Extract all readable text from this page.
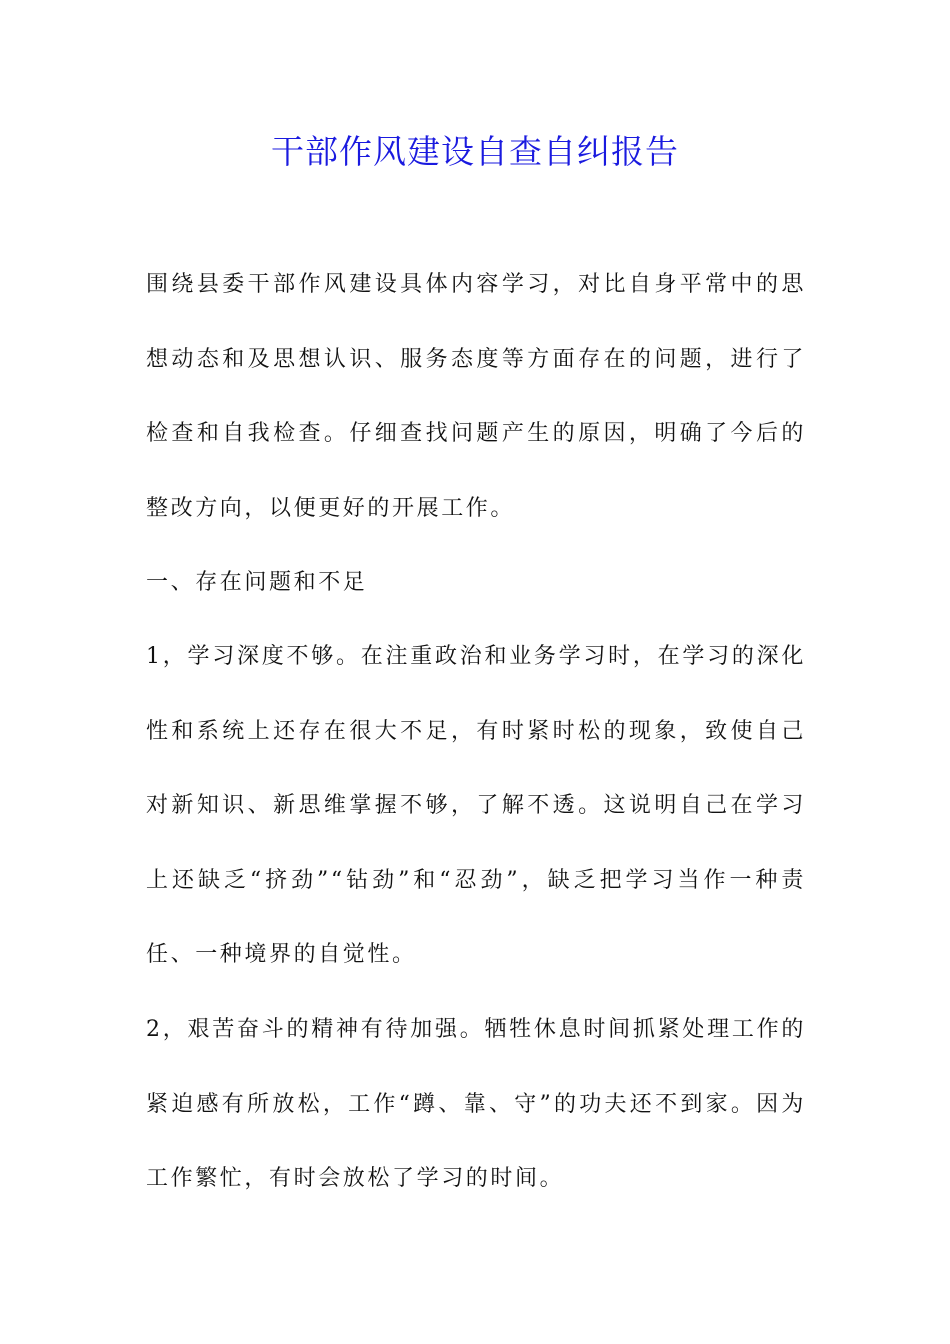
干部作风建设自查自纠报告

围绕县委干部作风建设具体内容学习，对比自身平常中的思想动态和及思想认识、服务态度等方面存在的问题，进行了检查和自我检查。仔细查找问题产生的原因，明确了今后的整改方向，以便更好的开展工作。

一、存在问题和不足

1，学习深度不够。在注重政治和业务学习时，在学习的深化性和系统上还存在很大不足，有时紧时松的现象，致使自己对新知识、新思维掌握不够，了解不透。这说明自己在学习上还缺乏“挤劲”“钻劲”和“忍劲”，缺乏把学习当作一种责任、一种境界的自觉性。

2，艰苦奋斗的精神有待加强。牺牲休息时间抓紧处理工作的紧迫感有所放松，工作“蹲、靠、守”的功夫还不到家。因为工作繁忙，有时会放松了学习的时间。
